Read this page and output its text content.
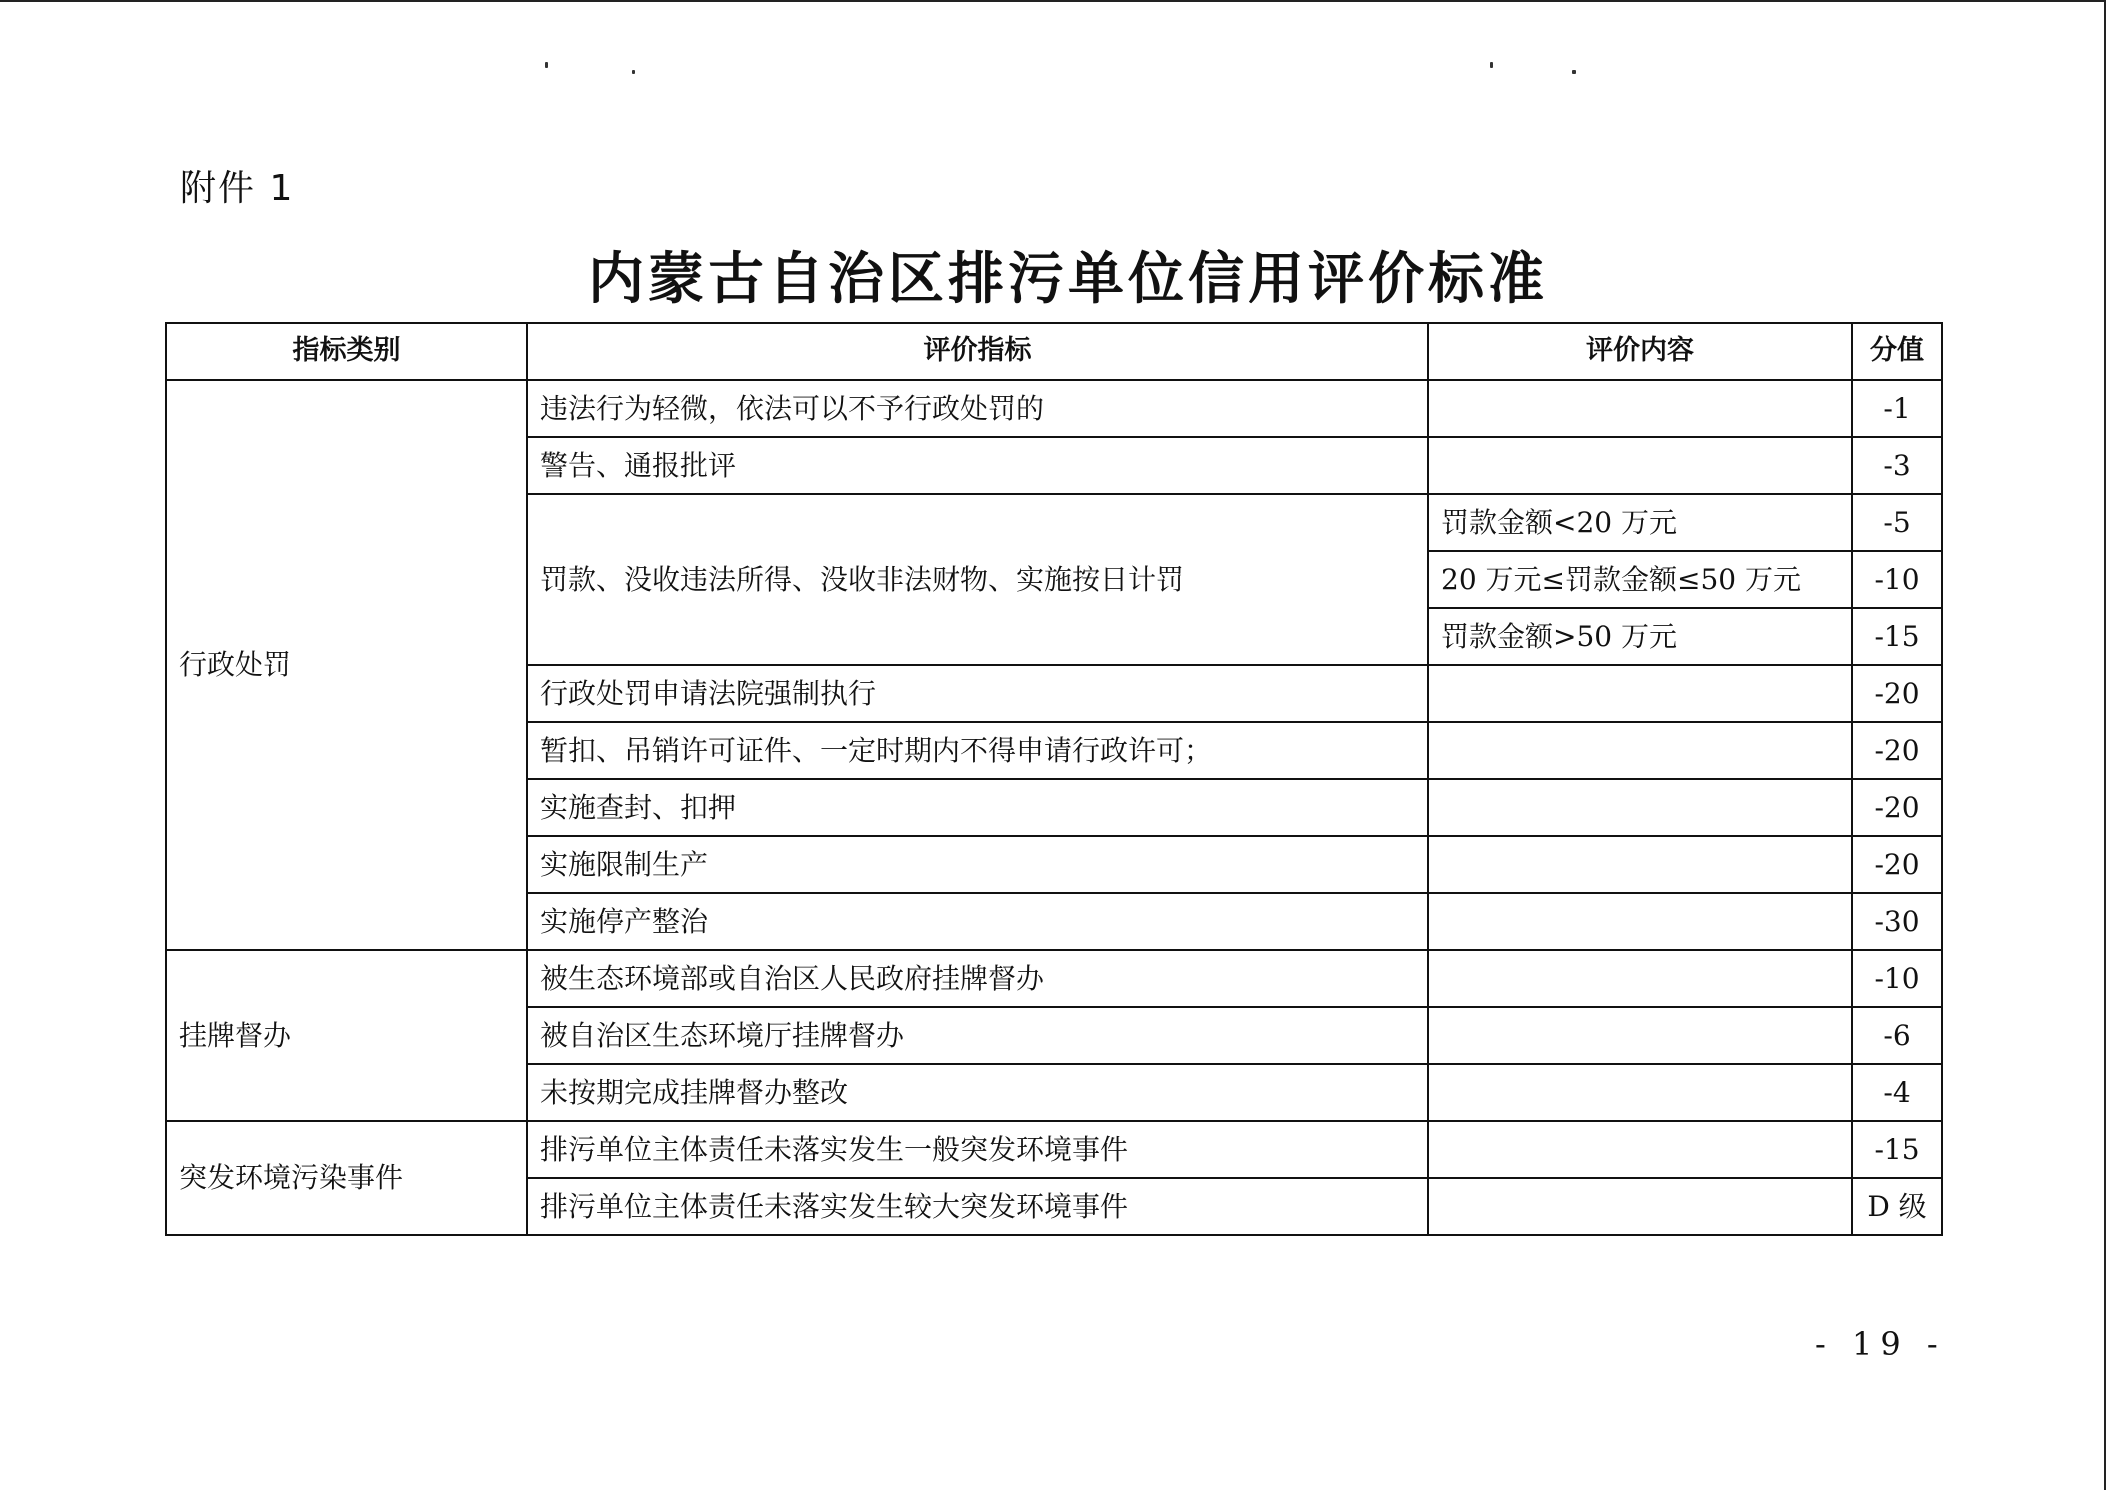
附件 1
内蒙古自治区排污单位信用评价标准
指标类别	评价指标	评价内容	分值
行政处罚	违法行为轻微，依法可以不予行政处罚的		-1
	警告、通报批评		-3
	罚款、没收违法所得、没收非法财物、实施按日计罚	罚款金额<20 万元	-5
		20 万元≤罚款金额≤50 万元	-10
		罚款金额>50 万元	-15
	行政处罚申请法院强制执行		-20
	暂扣、吊销许可证件、一定时期内不得申请行政许可；		-20
	实施查封、扣押		-20
	实施限制生产		-20
	实施停产整治		-30
挂牌督办	被生态环境部或自治区人民政府挂牌督办		-10
	被自治区生态环境厅挂牌督办		-6
	未按期完成挂牌督办整改		-4
突发环境污染事件	排污单位主体责任未落实发生一般突发环境事件		-15
	排污单位主体责任未落实发生较大突发环境事件		D 级
- 19 -
